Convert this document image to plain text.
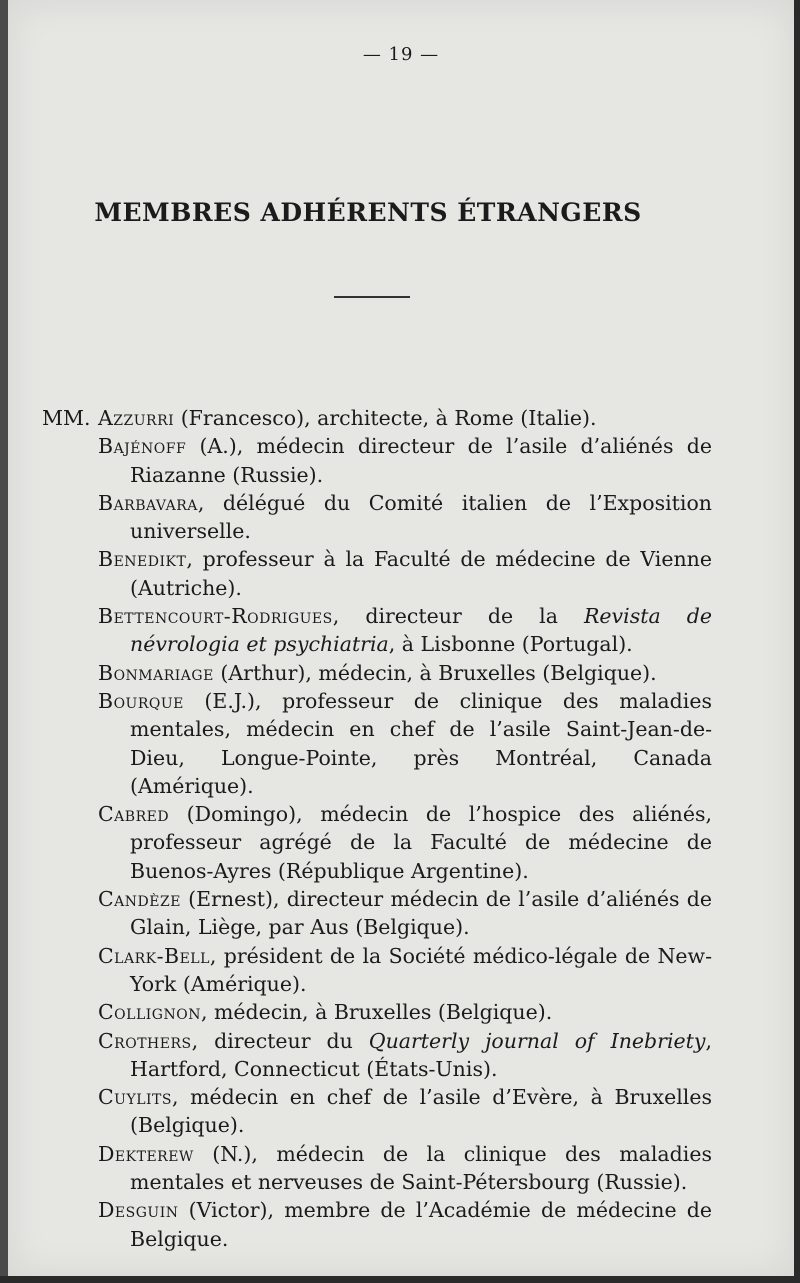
— 19 —
MEMBRES ADHÉRENTS ÉTRANGERS
MM. Azzurri (Francesco), architecte, à Rome (Italie).
Bajénoff (A.), médecin directeur de l’asile d’aliénés de Riazanne (Russie).
Barbavara, délégué du Comité italien de l’Exposition universelle.
Benedikt, professeur à la Faculté de médecine de Vienne (Autriche).
Bettencourt-Rodrigues, directeur de la Revista de névrologia et psychiatria, à Lisbonne (Portugal).
Bonmariage (Arthur), médecin, à Bruxelles (Belgique).
Bourque (E.J.), professeur de clinique des maladies mentales, médecin en chef de l’asile Saint-Jean-de-Dieu, Longue-Pointe, près Montréal, Canada (Amérique).
Cabred (Domingo), médecin de l’hospice des aliénés, professeur agrégé de la Faculté de médecine de Buenos-Ayres (République Argentine).
Candèze (Ernest), directeur médecin de l’asile d’aliénés de Glain, Liège, par Aus (Belgique).
Clark-Bell, président de la Société médico-légale de New-York (Amérique).
Collignon, médecin, à Bruxelles (Belgique).
Crothers, directeur du Quarterly journal of Inebriety, Hartford, Connecticut (États-Unis).
Cuylits, médecin en chef de l’asile d’Evère, à Bruxelles (Belgique).
Dekterew (N.), médecin de la clinique des maladies mentales et nerveuses de Saint-Pétersbourg (Russie).
Desguin (Victor), membre de l’Académie de médecine de Belgique.
